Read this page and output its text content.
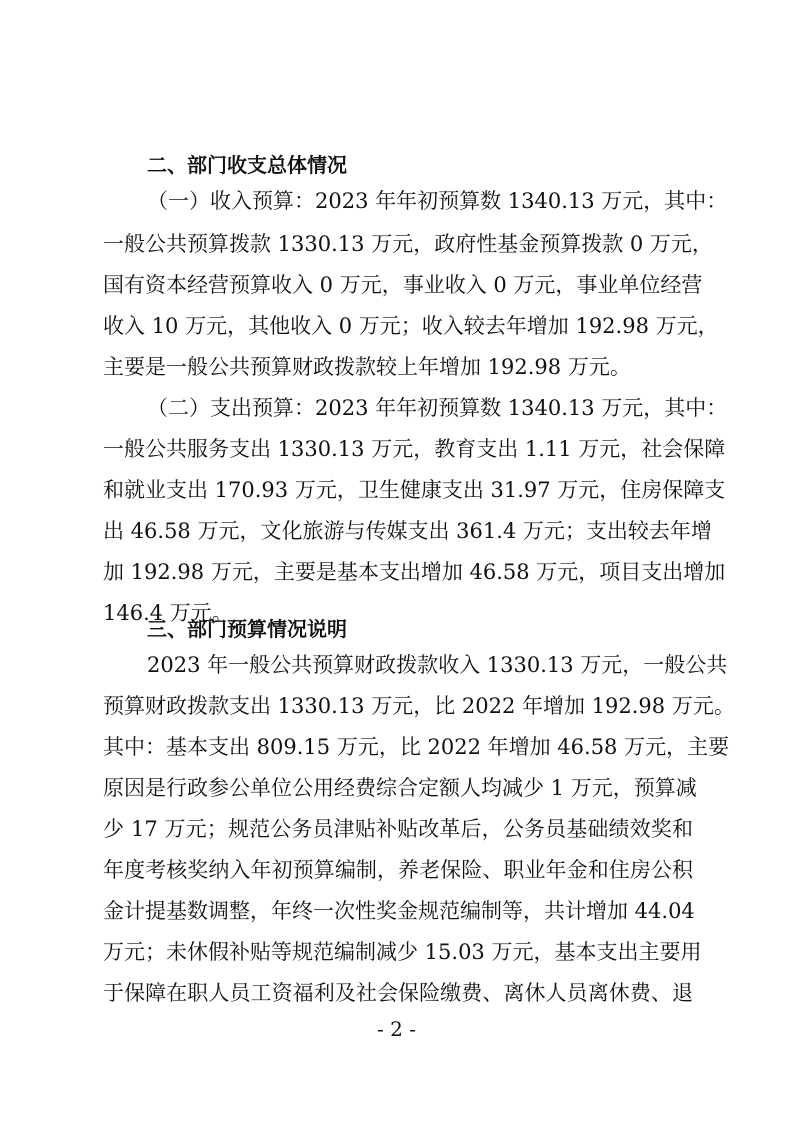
二、部门收支总体情况
（一）收入预算：2023 年年初预算数 1340.13 万元，其中：
一般公共预算拨款 1330.13 万元，政府性基金预算拨款 0 万元，
国有资本经营预算收入 0 万元，事业收入 0 万元，事业单位经营
收入 10 万元，其他收入 0 万元；收入较去年增加 192.98 万元，
主要是一般公共预算财政拨款较上年增加 192.98 万元。
（二）支出预算：2023 年年初预算数 1340.13 万元，其中：
一般公共服务支出 1330.13 万元，教育支出 1.11 万元，社会保障
和就业支出 170.93 万元，卫生健康支出 31.97 万元，住房保障支
出 46.58 万元，文化旅游与传媒支出 361.4 万元；支出较去年增
加 192.98 万元，主要是基本支出增加 46.58 万元，项目支出增加
146.4 万元。
三、部门预算情况说明
2023 年一般公共预算财政拨款收入 1330.13 万元，一般公共
预算财政拨款支出 1330.13 万元，比 2022 年增加 192.98 万元。
其中：基本支出 809.15 万元，比 2022 年增加 46.58 万元，主要
原因是行政参公单位公用经费综合定额人均减少 1 万元，预算减
少 17 万元；规范公务员津贴补贴改革后，公务员基础绩效奖和
年度考核奖纳入年初预算编制，养老保险、职业年金和住房公积
金计提基数调整，年终一次性奖金规范编制等，共计增加 44.04
万元；未休假补贴等规范编制减少 15.03 万元，基本支出主要用
于保障在职人员工资福利及社会保险缴费、离休人员离休费、退
- 2 -
